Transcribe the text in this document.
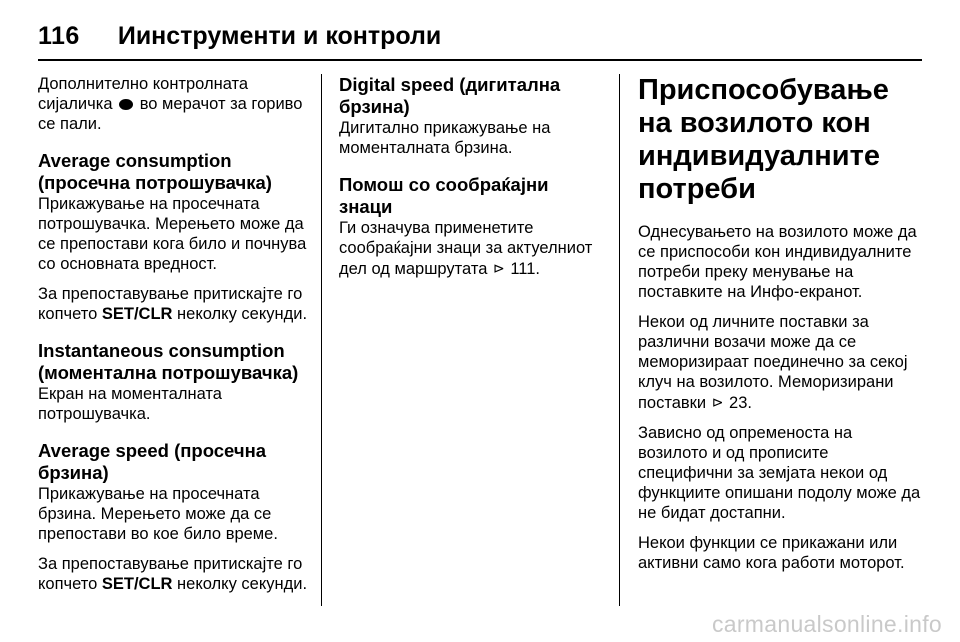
116 Иинструменти и контроли

Дополнително контролната сијаличка во мерачот за гориво се пали.

Average consumption (просечна потрошувачка)

Прикажување на просечната потрошувачка. Мерењето може да се препостави кога било и почнува со основната вредност.

За препоставување притискајте го копчето SET/CLR неколку секунди.

Instantaneous consumption (моментална потрошувачка)

Екран на моменталната потрошувачка.

Average speed (просечна брзина)

Прикажување на просечната брзина. Мерењето може да се препостави во кое било време.

За препоставување притискајте го копчето SET/CLR неколку секунди.

Digital speed (дигитална брзина)

Дигитално прикажување на моменталната брзина.

Помош со сообраќајни знаци

Ги означува применетите сообраќајни знаци за актуелниот дел од маршрутата ⊳ 111.

Приспособување на возилото кон индивидуалните потреби

Однесувањето на возилото може да се приспособи кон индивидуалните потреби преку менување на поставките на Инфо-екранот.

Некои од личните поставки за различни возачи може да се меморизираат поединечно за секој клуч на возилото. Меморизирани поставки ⊳ 23.

Зависно од опременоста на возилото и од прописите специфични за земјата некои од функциите опишани подолу може да не бидат достапни.

Некои функции се прикажани или активни само кога работи моторот.

carmanualsonline.info
